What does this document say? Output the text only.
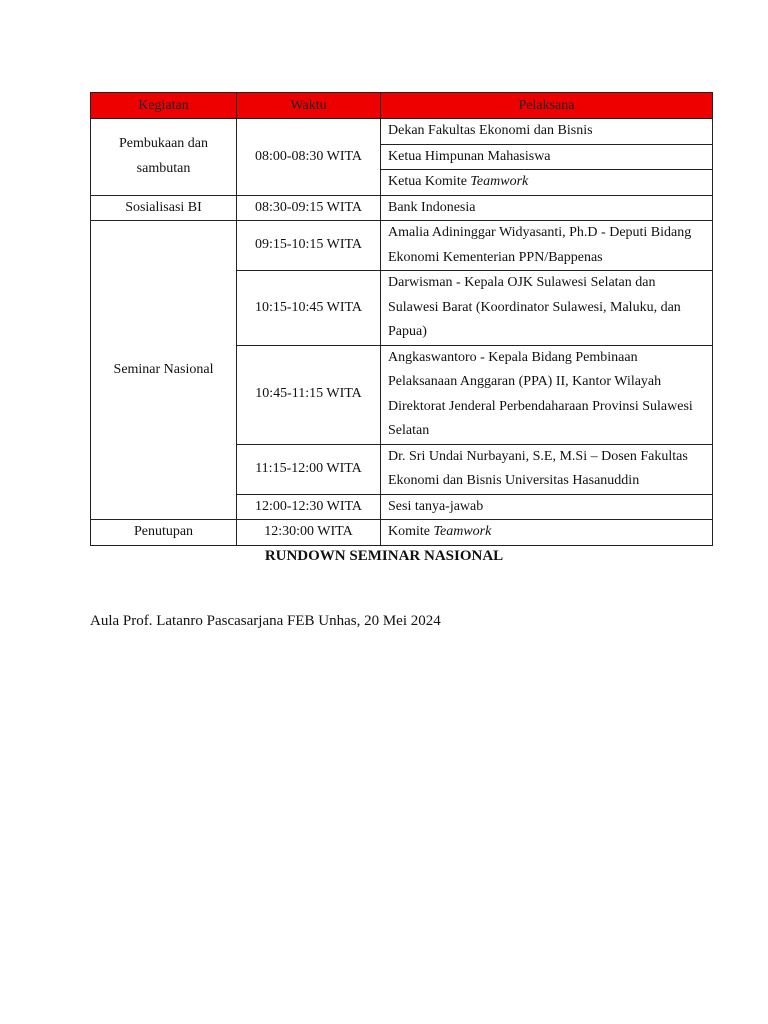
Kegiatan	Waktu	Pelaksana
Pembukaan dan sambutan	08:00-08:30 WITA	Dekan Fakultas Ekonomi dan Bisnis
		Ketua Himpunan Mahasiswa
		Ketua Komite Teamwork
Sosialisasi BI	08:30-09:15 WITA	Bank Indonesia
Seminar Nasional	09:15-10:15 WITA	Amalia Adininggar Widyasanti, Ph.D - Deputi Bidang Ekonomi Kementerian PPN/Bappenas
	10:15-10:45 WITA	Darwisman - Kepala OJK Sulawesi Selatan dan Sulawesi Barat (Koordinator Sulawesi, Maluku, dan Papua)
	10:45-11:15 WITA	Angkaswantoro - Kepala Bidang Pembinaan Pelaksanaan Anggaran (PPA) II, Kantor Wilayah Direktorat Jenderal Perbendaharaan Provinsi Sulawesi Selatan
	11:15-12:00 WITA	Dr. Sri Undai Nurbayani, S.E, M.Si – Dosen Fakultas Ekonomi dan Bisnis Universitas Hasanuddin
	12:00-12:30 WITA	Sesi tanya-jawab
Penutupan	12:30:00 WITA	Komite Teamwork
RUNDOWN SEMINAR NASIONAL
Aula Prof. Latanro Pascasarjana FEB Unhas, 20 Mei 2024
